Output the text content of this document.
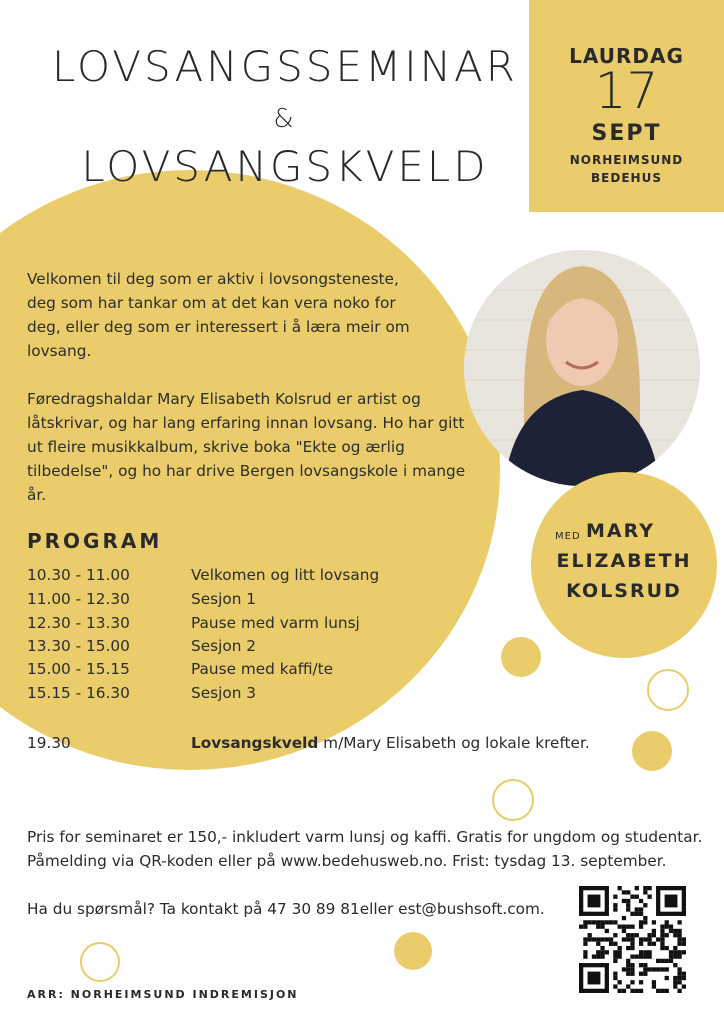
LAURDAG
17
SEPT
NORHEIMSUND
BEDEHUS
LOVSANGSSEMINAR
&
LOVSANGSKVELD
Velkomen til deg som er aktiv i lovsongsteneste, deg som har tankar om at det kan vera noko for deg, eller deg som er interessert i å læra meir om lovsang.
Føredragshaldar Mary Elisabeth Kolsrud er artist og låtskrivar, og har lang erfaring innan lovsang. Ho har gitt ut fleire musikkalbum, skrive boka "Ekte og ærlig tilbedelse", og ho har drive Bergen lovsangskole i mange år.
MED MARY
ELIZABETH
KOLSRUD
PROGRAM
10.30 - 11.00	Velkomen og litt lovsang
11.00 - 12.30	Sesjon 1
12.30 - 13.30	Pause med varm lunsj
13.30 - 15.00	Sesjon 2
15.00 - 15.15	Pause med kaffi/te
15.15 - 16.30	Sesjon 3
19.30	Lovsangskveld m/Mary Elisabeth og lokale krefter.
Pris for seminaret er 150,- inkludert varm lunsj og kaffi. Gratis for ungdom og studentar.
Påmelding via QR-koden eller på www.bedehusweb.no. Frist: tysdag 13. september.
Ha du spørsmål? Ta kontakt på 47 30 89 81eller est@bushsoft.com.
ARR: NORHEIMSUND INDREMISJON
